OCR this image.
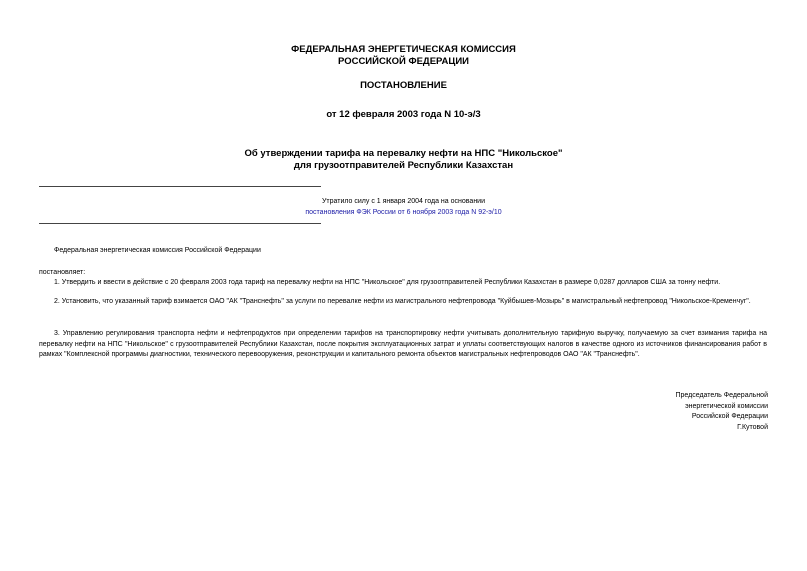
ФЕДЕРАЛЬНАЯ ЭНЕРГЕТИЧЕСКАЯ КОМИССИЯ
РОССИЙСКОЙ ФЕДЕРАЦИИ
ПОСТАНОВЛЕНИЕ
от 12 февраля 2003 года N 10-э/3
Об утверждении тарифа на перевалку нефти на НПС "Никольское"
для грузоотправителей Республики Казахстан
Утратило силу с 1 января 2004 года на основании
постановления ФЭК России от 6 ноября 2003 года N 92-э/10
Федеральная энергетическая комиссия Российской Федерации
постановляет:
1. Утвердить и ввести в действие с 20 февраля 2003 года тариф на перевалку нефти на НПС "Никольское" для грузоотправителей Республики Казахстан в размере 0,0287 долларов США за тонну нефти.
2. Установить, что указанный тариф взимается ОАО "АК "Транснефть" за услуги по перевалке нефти из магистрального нефтепровода "Куйбышев-Мозырь" в магистральный нефтепровод "Никольское-Кременчуг".
3. Управлению регулирования транспорта нефти и нефтепродуктов при определении тарифов на транспортировку нефти учитывать дополнительную тарифную выручку, получаемую за счет взимания тарифа на перевалку нефти на НПС "Никольское" с грузоотправителей Республики Казахстан, после покрытия эксплуатационных затрат и уплаты соответствующих налогов в качестве одного из источников финансирования работ в рамках "Комплексной программы диагностики, технического перевооружения, реконструкции и капитального ремонта объектов магистральных нефтепроводов ОАО "АК "Транснефть".
Председатель Федеральной
энергетической комиссии
Российской Федерации
Г.Кутовой
